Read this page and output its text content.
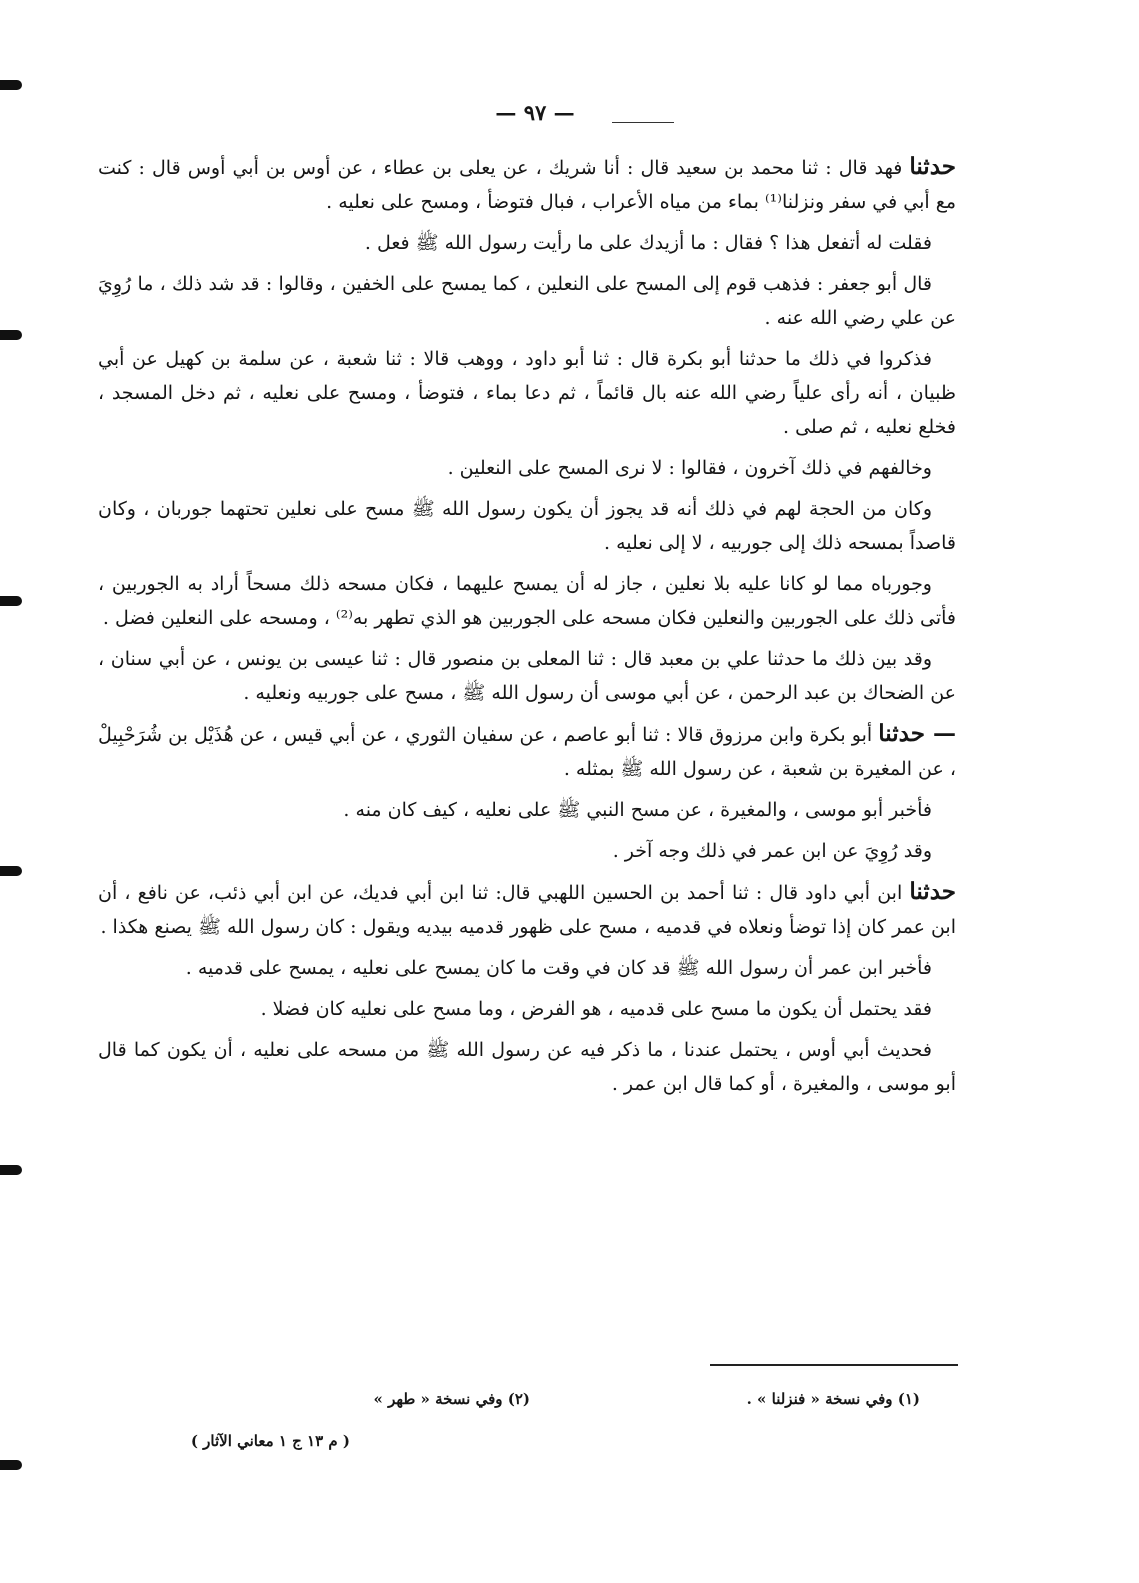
— ٩٧ —

حدثنا فهد قال : ثنا محمد بن سعيد قال : أنا شريك ، عن يعلى بن عطاء ، عن أوس بن أبي أوس قال : كنت مع أبي في سفر ونزلنا⁽¹⁾ بماء من مياه الأعراب ، فبال فتوضأ ، ومسح على نعليه .

فقلت له أتفعل هذا ؟ فقال : ما أزيدك على ما رأيت رسول الله ﷺ فعل .

قال أبو جعفر : فذهب قوم إلى المسح على النعلين ، كما يمسح على الخفين ، وقالوا : قد شد ذلك ، ما رُوِيَ عن علي رضي الله عنه .

فذكروا في ذلك ما حدثنا أبو بكرة قال : ثنا أبو داود ، ووهب قالا : ثنا شعبة ، عن سلمة بن كهيل عن أبي ظبيان ، أنه رأى علياً رضي الله عنه بال قائماً ، ثم دعا بماء ، فتوضأ ، ومسح على نعليه ، ثم دخل المسجد ، فخلع نعليه ، ثم صلى .

وخالفهم في ذلك آخرون ، فقالوا : لا نرى المسح على النعلين .

وكان من الحجة لهم في ذلك أنه قد يجوز أن يكون رسول الله ﷺ مسح على نعلين تحتهما جوربان ، وكان قاصداً بمسحه ذلك إلى جوربيه ، لا إلى نعليه .

وجورباه مما لو كانا عليه بلا نعلين ، جاز له أن يمسح عليهما ، فكان مسحه ذلك مسحاً أراد به الجوربين ، فأتى ذلك على الجوربين والنعلين فكان مسحه على الجوربين هو الذي تطهر به⁽²⁾ ، ومسحه على النعلين فضل .

وقد بين ذلك ما حدثنا علي بن معبد قال : ثنا المعلى بن منصور قال : ثنا عيسى بن يونس ، عن أبي سنان ، عن الضحاك بن عبد الرحمن ، عن أبي موسى أن رسول الله ﷺ ، مسح على جوربيه ونعليه .

— حدثنا أبو بكرة وابن مرزوق قالا : ثنا أبو عاصم ، عن سفيان الثوري ، عن أبي قيس ، عن هُذَيْل بن شُرَحْبِيلْ ، عن المغيرة بن شعبة ، عن رسول الله ﷺ بمثله .

فأخبر أبو موسى ، والمغيرة ، عن مسح النبي ﷺ على نعليه ، كيف كان منه .

وقد رُوِيَ عن ابن عمر في ذلك وجه آخر .

حدثنا ابن أبي داود قال : ثنا أحمد بن الحسين اللهبي قال: ثنا ابن أبي فديك، عن ابن أبي ذئب، عن نافع ، أن ابن عمر كان إذا توضأ ونعلاه في قدميه ، مسح على ظهور قدميه بيديه ويقول : كان رسول الله ﷺ يصنع هكذا .

فأخبر ابن عمر أن رسول الله ﷺ قد كان في وقت ما كان يمسح على نعليه ، يمسح على قدميه .

فقد يحتمل أن يكون ما مسح على قدميه ، هو الفرض ، وما مسح على نعليه كان فضلا .

فحديث أبي أوس ، يحتمل عندنا ، ما ذكر فيه عن رسول الله ﷺ من مسحه على نعليه ، أن يكون كما قال أبو موسى ، والمغيرة ، أو كما قال ابن عمر .

(١) وفي نسخة « فنزلنا » .
(٢) وفي نسخة « طهر »
( م ١٣ ج ١ معاني الآثار )
